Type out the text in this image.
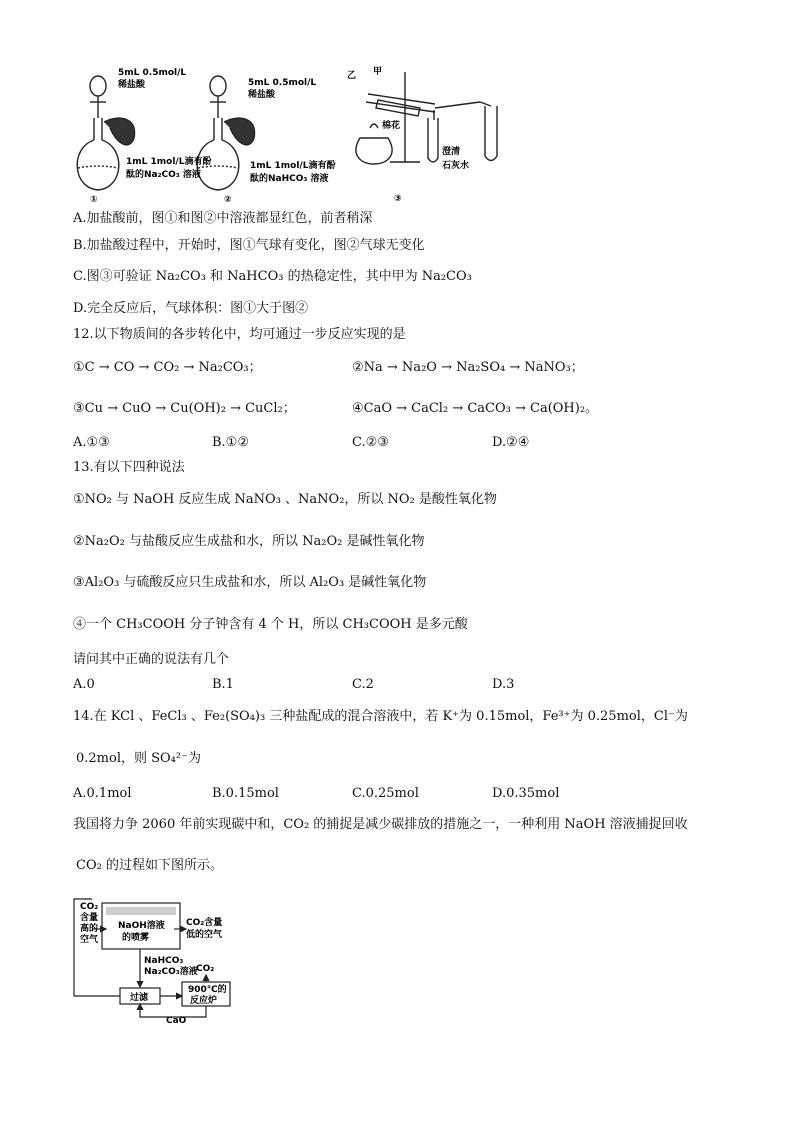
5mL 0.5mol/L
稀盐酸
1mL 1mol/L滴有酚
酞的Na₂CO₃ 溶液
①
5mL 0.5mol/L
稀盐酸
1mL 1mol/L滴有酚
酞的NaHCO₃ 溶液
②
乙 甲
棉花
澄清
石灰水
③
A.加盐酸前，图①和图②中溶液都显红色，前者稍深
B.加盐酸过程中，开始时，图①气球有变化，图②气球无变化
C.图③可验证 Na₂CO₃ 和 NaHCO₃ 的热稳定性，其中甲为 Na₂CO₃
D.完全反应后，气球体积：图①大于图②
12.以下物质间的各步转化中，均可通过一步反应实现的是
①C → CO → CO₂ → Na₂CO₃；	②Na → Na₂O → Na₂SO₄ → NaNO₃；
③Cu → CuO → Cu(OH)₂ → CuCl₂；	④CaO → CaCl₂ → CaCO₃ → Ca(OH)₂。
A.①③	B.①②	C.②③	D.②④
13.有以下四种说法
①NO₂ 与 NaOH 反应生成 NaNO₃ 、NaNO₂，所以 NO₂ 是酸性氧化物
②Na₂O₂ 与盐酸反应生成盐和水，所以 Na₂O₂ 是碱性氧化物
③Al₂O₃ 与硫酸反应只生成盐和水，所以 Al₂O₃ 是碱性氧化物
④一个 CH₃COOH 分子钟含有 4 个 H，所以 CH₃COOH 是多元酸
请问其中正确的说法有几个
A.0	B.1	C.2	D.3
14.在 KCl 、FeCl₃ 、Fe₂(SO₄)₃ 三种盐配成的混合溶液中，若 K⁺为 0.15mol，Fe³⁺为 0.25mol，Cl⁻为
0.2mol，则 SO₄²⁻为
A.0.1mol	B.0.15mol	C.0.25mol	D.0.35mol
我国将力争 2060 年前实现碳中和，CO₂ 的捕捉是减少碳排放的措施之一，一种利用 NaOH 溶液捕捉回收
CO₂ 的过程如下图所示。
CO₂
含量
高的
空气
NaOH溶液
的喷雾
CO₂含量
低的空气
NaHCO₃
Na₂CO₃溶液
CO₂
过滤
900℃的
反应炉
CaO
